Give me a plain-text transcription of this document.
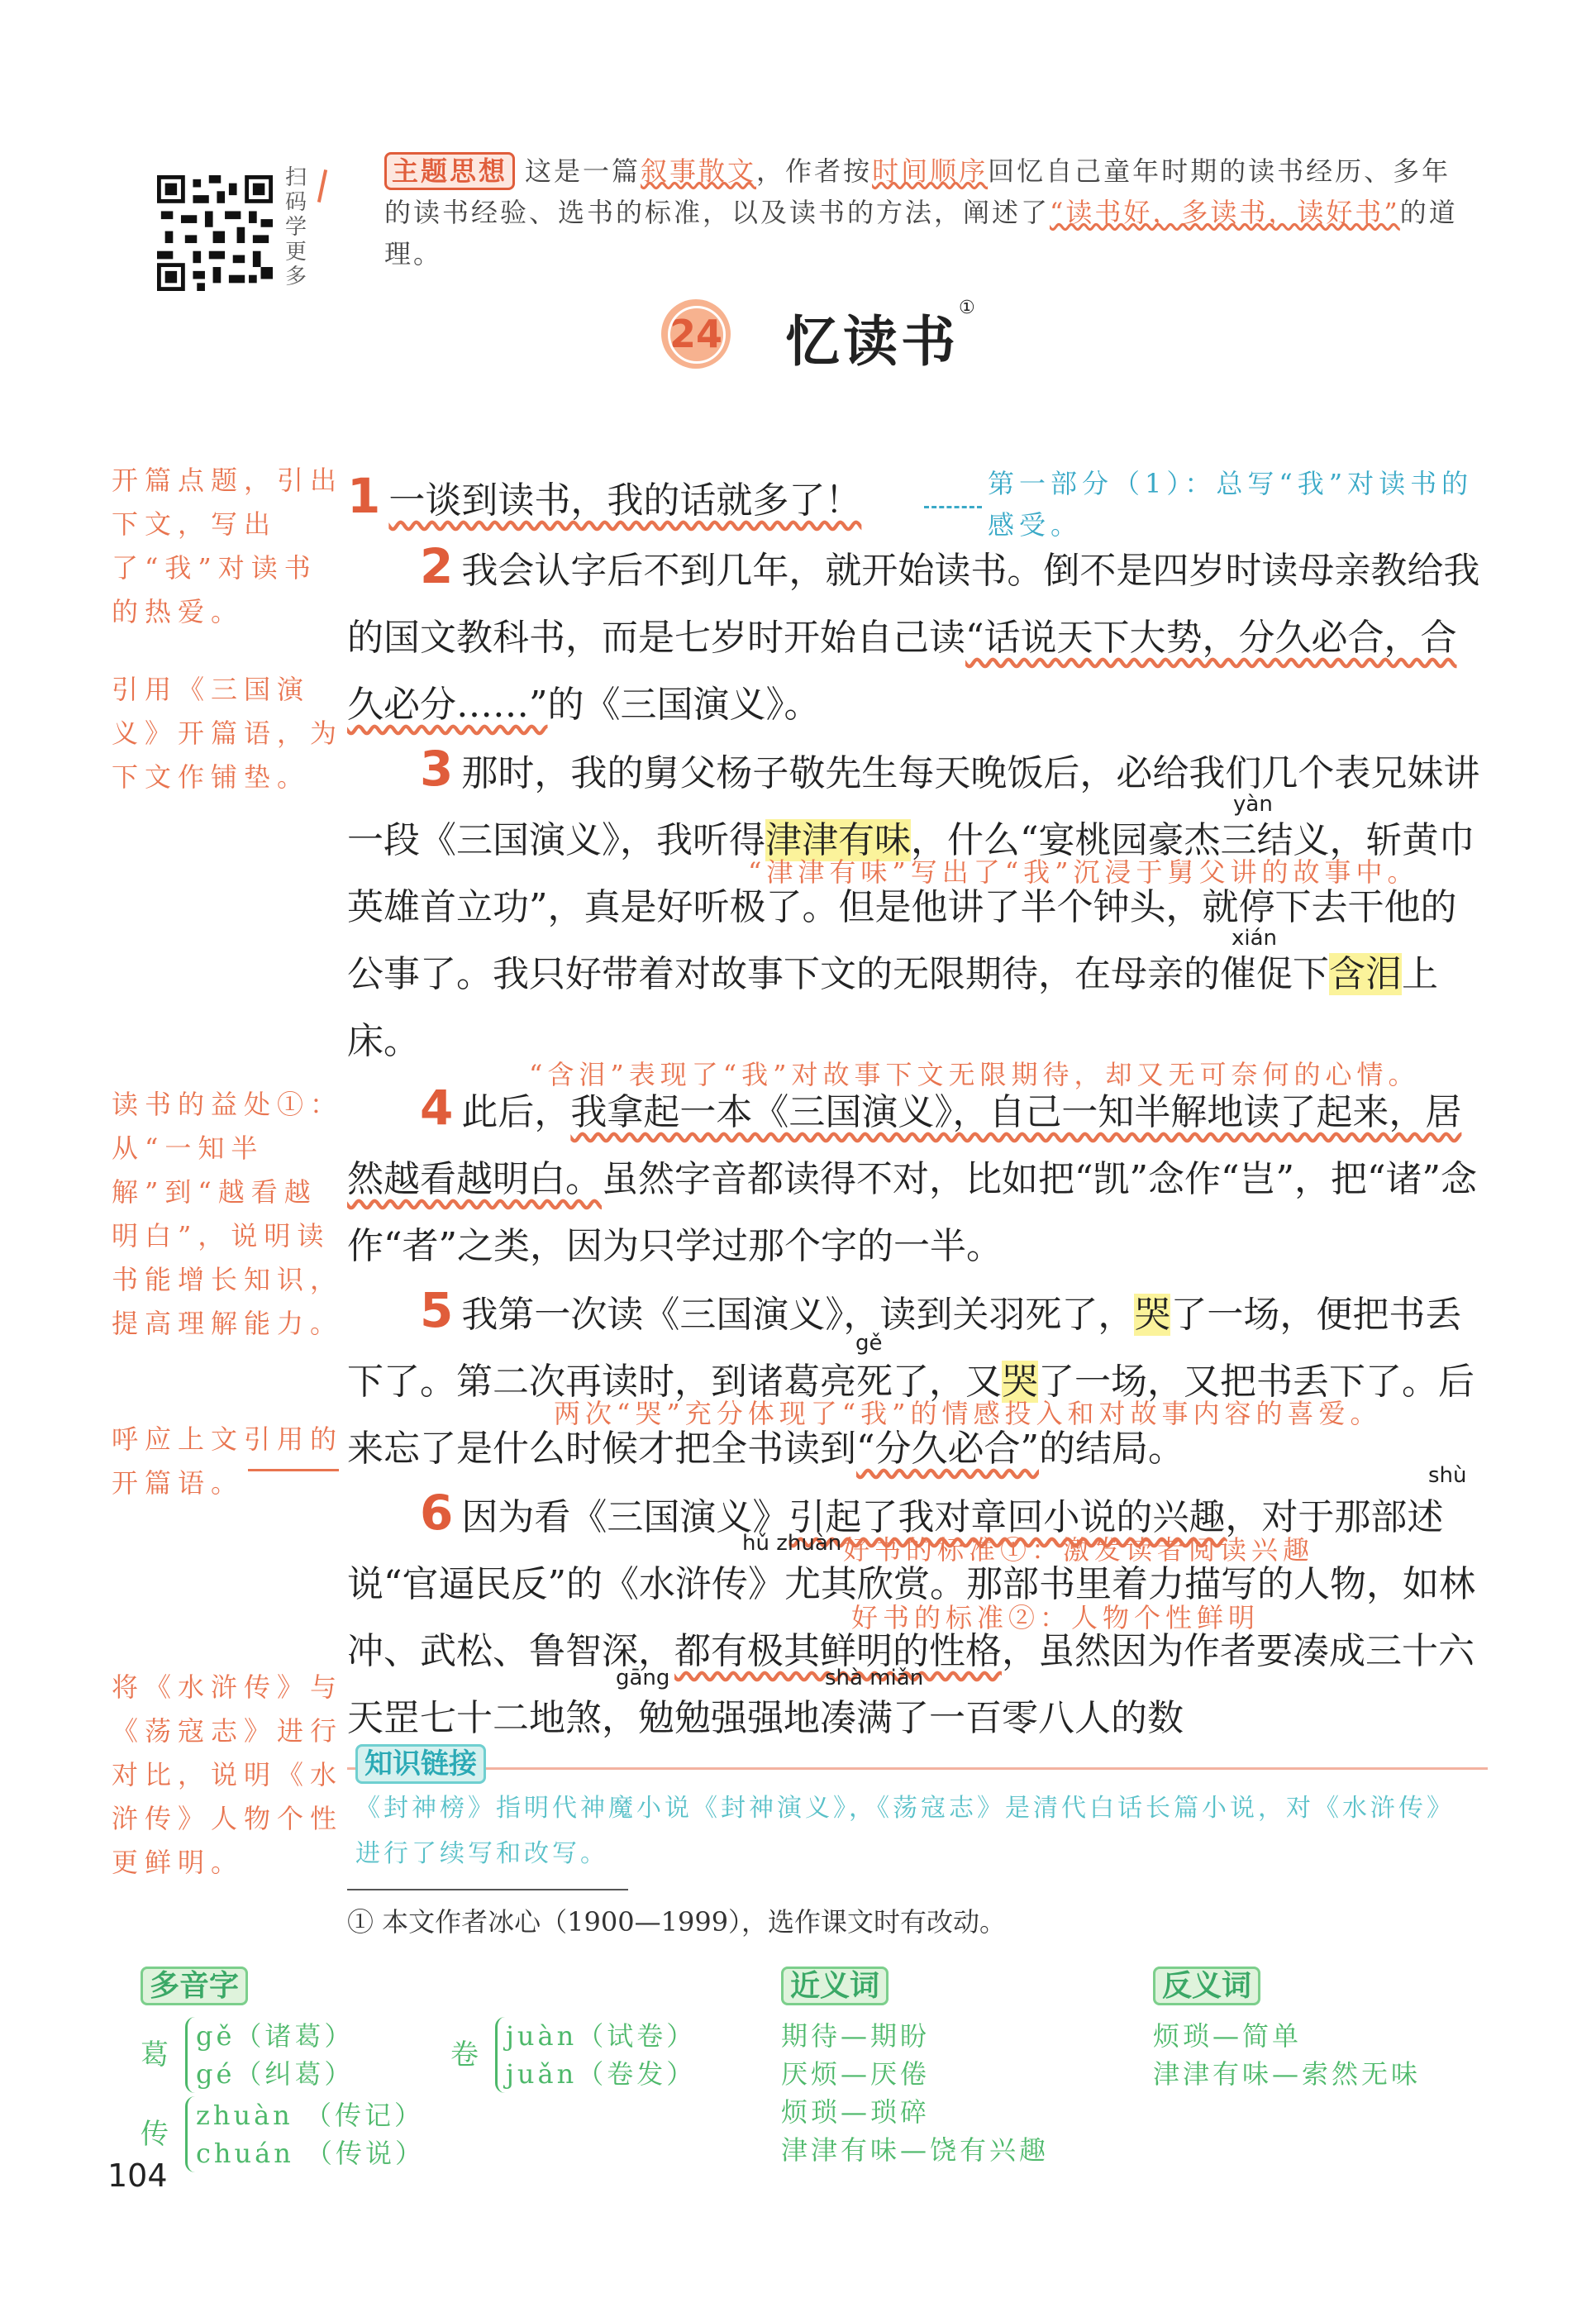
扫
码
学
更
多
主题思想 这是一篇叙事散文，作者按时间顺序回忆自己童年时期的读书经历、多年的读书经验、选书的标准，以及读书的方法，阐述了“读书好，多读书，读好书”的道理。
24 忆读书①
开篇点题，引出下文，写出了“我”对读书的热爱。
引用《三国演义》开篇语，为下文作铺垫。
读书的益处①：从“一知半解”到“越看越明白”，说明读书能增长知识，提高理解能力。
呼应上文引用的开篇语。
将《水浒传》与《荡寇志》进行对比，说明《水浒传》人物个性更鲜明。
1 一谈到读书，我的话就多了！	第一部分（1）：总写“我”对读书的感受。
2 我会认字后不到几年，就开始读书。倒不是四岁时读母亲教给我的国文教科书，而是七岁时开始自己读“话说天下大势，分久必合，合久必分……”的《三国演义》。
3 那时，我的舅父杨子敬先生每天晚饭后，必给我们几个表兄妹讲一段《三国演义》，我听得津津有味，什么“宴桃园豪杰三结义，斩黄巾英雄首立功”，真是好听极了。但是他讲了半个钟头，就停下去干他的公事了。我只好带着对故事下文的无限期待，在母亲的催促下含泪上床。
yàn
“津津有味”写出了“我”沉浸于舅父讲的故事中。
xián
“含泪”表现了“我”对故事下文无限期待，却又无可奈何的心情。
4 此后，我拿起一本《三国演义》，自己一知半解地读了起来，居然越看越明白。虽然字音都读得不对，比如把“凯”念作“岂”，把“诸”念作“者”之类，因为只学过那个字的一半。
5 我第一次读《三国演义》，读到关羽死了，哭了一场，便把书丢下了。第二次再读时，到诸葛亮死了，又哭了一场，又把书丢下了。后来忘了是什么时候才把全书读到“分久必合”的结局。
gě
两次“哭”充分体现了“我”的情感投入和对故事内容的喜爱。
6 因为看《三国演义》引起了我对章回小说的兴趣，对于那部述说“官逼民反”的《水浒传》尤其欣赏。那部书里着力描写的人物，如林冲、武松、鲁智深，都有极其鲜明的性格，虽然因为作者要凑成三十六天罡七十二地煞，勉勉强强地凑满了一百零八人的数
shù
hǔ zhuàn 好书的标准①：激发读者阅读兴趣
好书的标准②：人物个性鲜明
gāng	shà miǎn
知识链接
《封神榜》指明代神魔小说《封神演义》，《荡寇志》是清代白话长篇小说，对《水浒传》进行了续写和改写。
① 本文作者冰心（1900—1999），选作课文时有改动。
多音字
葛
gě（诸葛）
gé（纠葛）
传
zhuàn （传记）
chuán （传说）
卷
juàn（试卷）
juǎn（卷发）
近义词
期待—期盼
厌烦—厌倦
烦琐—琐碎
津津有味—饶有兴趣
反义词
烦琐—简单
津津有味—索然无味
104
